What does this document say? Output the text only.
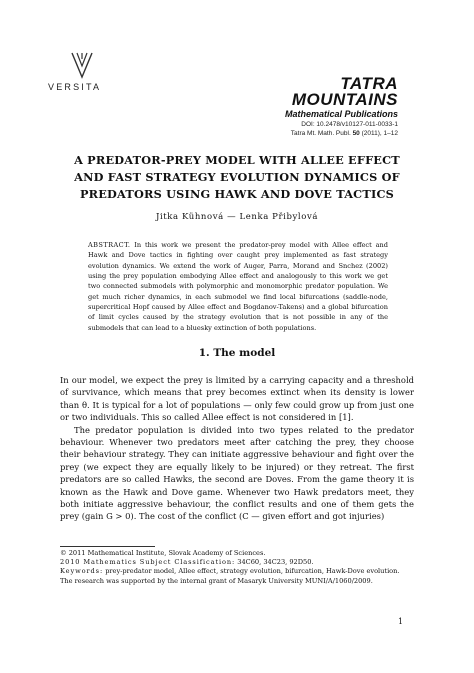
VERSITA	TATRA
MOUNTAINS
Mathematical Publications
DOI: 10.2478/v10127-011-0033-1
Tatra Mt. Math. Publ. 50 (2011), 1–12
A PREDATOR-PREY MODEL WITH ALLEE EFFECT
AND FAST STRATEGY EVOLUTION DYNAMICS OF
PREDATORS USING HAWK AND DOVE TACTICS
Jitka Kühnová — Lenka Přibylová
ABSTRACT. In this work we present the predator-prey model with Allee effect and Hawk and Dove tactics in fighting over caught prey implemented as fast strategy evolution dynamics. We extend the work of Auger, Parra, Morand and Snchez (2002) using the prey population embodying Allee effect and analogously to this work we get two connected submodels with polymorphic and monomorphic predator population. We get much richer dynamics, in each submodel we find local bifurcations (saddle-node, supercritical Hopf caused by Allee effect and Bogdanov-Takens) and a global bifurcation of limit cycles caused by the strategy evolution that is not possible in any of the submodels that can lead to a bluesky extinction of both populations.
1. The model

In our model, we expect the prey is limited by a carrying capacity and a threshold of survivance, which means that prey becomes extinct when its density is lower than θ. It is typical for a lot of populations — only few could grow up from just one or two individuals. This so called Allee effect is not considered in [1].

The predator population is divided into two types related to the predator behaviour. Whenever two predators meet after catching the prey, they choose their behaviour strategy. They can initiate aggressive behaviour and fight over the prey (we expect they are equally likely to be injured) or they retreat. The first predators are so called Hawks, the second are Doves. From the game theory it is known as the Hawk and Dove game. Whenever two Hawk predators meet, they both initiate aggressive behaviour, the conflict results and one of them gets the prey (gain G > 0). The cost of the conflict (C — given effort and got injuries)

© 2011 Mathematical Institute, Slovak Academy of Sciences.

2010 Mathematics Subject Classification: 34C60, 34C23, 92D50.

Keywords: prey-predator model, Allee effect, strategy evolution, bifurcation, Hawk-Dove evolution.

The research was supported by the internal grant of Masaryk University MUNI/A/1060/2009.

1
